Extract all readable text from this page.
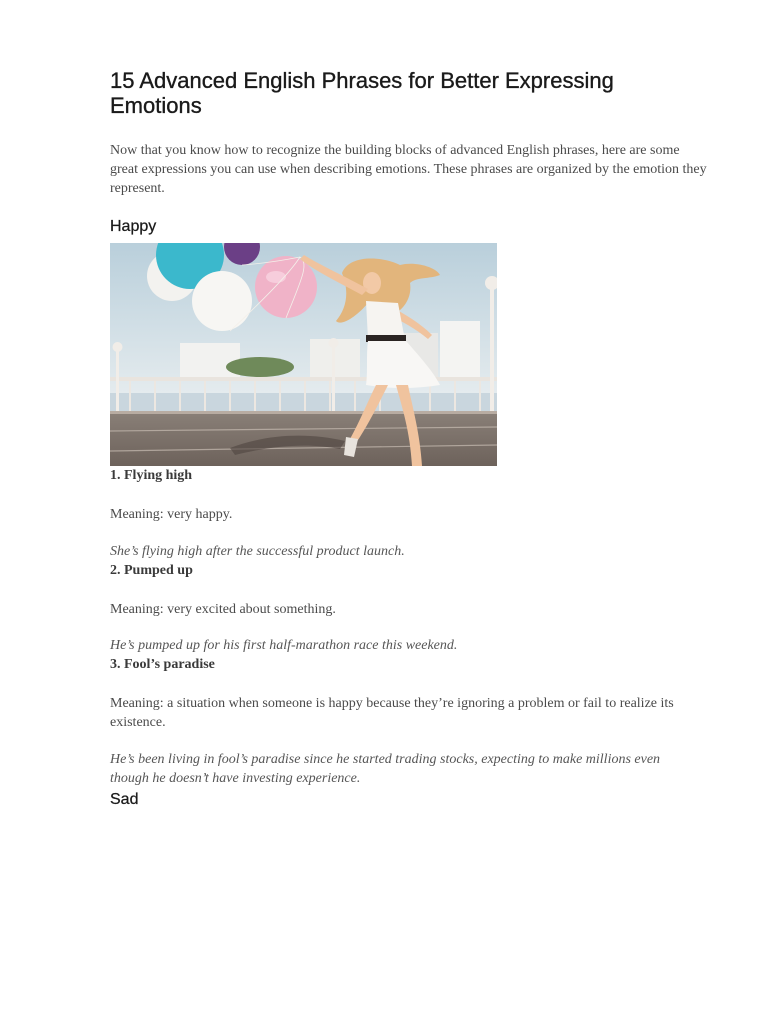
15 Advanced English Phrases for Better Expressing Emotions

Now that you know how to recognize the building blocks of advanced English phrases, here are some great expressions you can use when describing emotions. These phrases are organized by the emotion they represent.

Happy

1. Flying high

Meaning: very happy.

She’s flying high after the successful product launch.

2. Pumped up

Meaning: very excited about something.

He’s pumped up for his first half-marathon race this weekend.

3. Fool’s paradise

Meaning: a situation when someone is happy because they’re ignoring a problem or fail to realize its existence.

He’s been living in fool’s paradise since he started trading stocks, expecting to make millions even though he doesn’t have investing experience.

Sad
